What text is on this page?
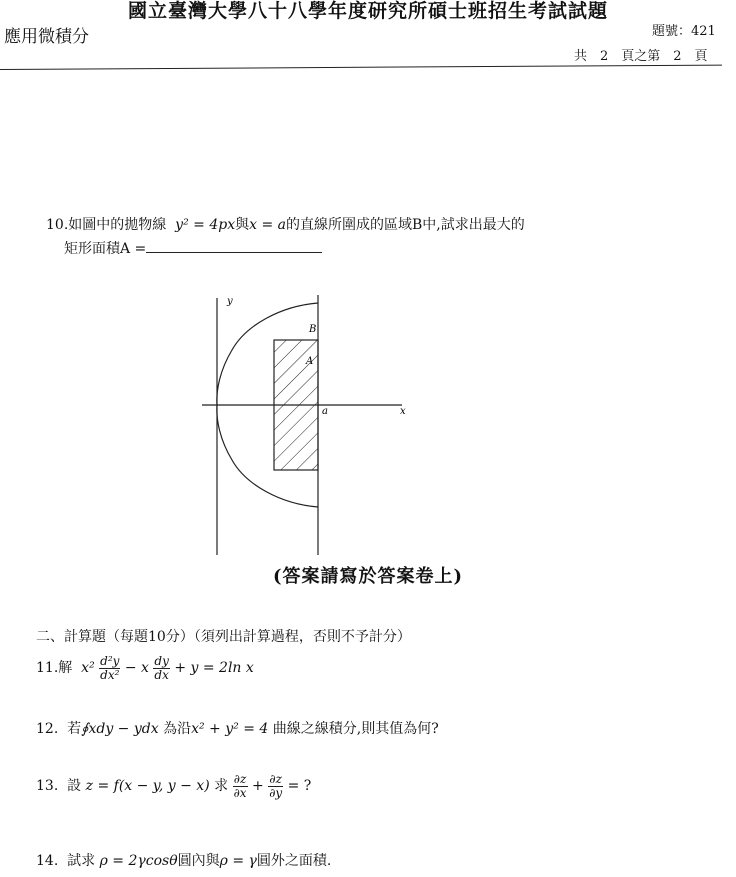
國立臺灣大學八十八學年度研究所碩士班招生考試試題
應用微積分	題號：421
共　2　頁之第　2　頁
10.如圖中的拋物線 y² = 4px與x = a的直線所圍成的區域B中,試求出最大的
矩形面積A =
y
x
B
A
a
(答案請寫於答案卷上)
二、計算題（每題10分）（須列出計算過程，否則不予計分）
11.解 $x^2 \frac{\text{d²y}}{\text{dx²}} - x \frac{dy}{dx} + y = 2\ln$ x
12. 若∮xdy − ydx 為沿x² + y² = 4 曲線之線積分,則其值為何?
13. 設 z = f(x − y, y − x) 求 $\frac{\partial z}{\partial x} + \frac{\partial z}{\partial y}$ = ?
14. 試求 ρ = 2γcosθ圓內與ρ = γ圓外之面積.
